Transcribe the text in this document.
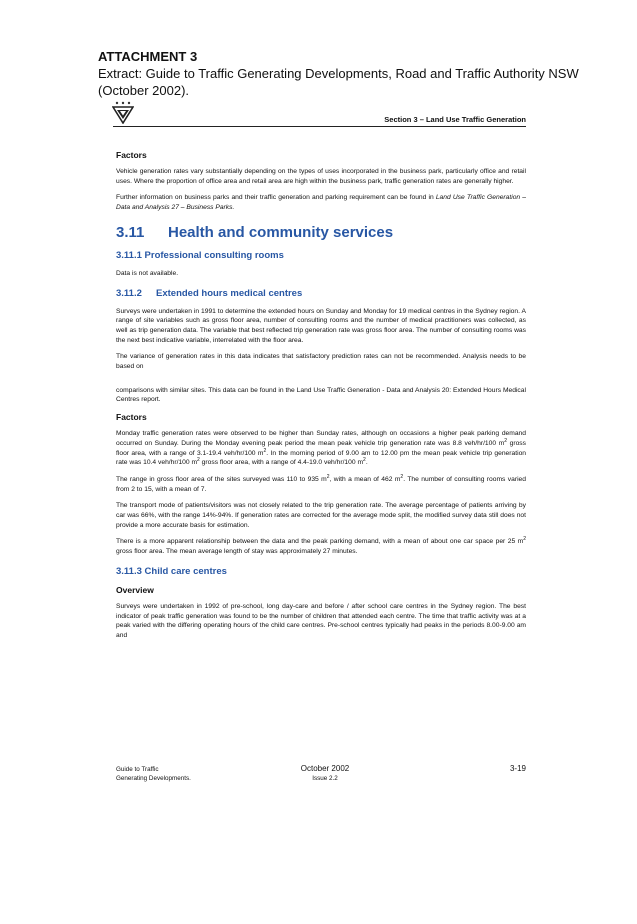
ATTACHMENT 3
Extract: Guide to Traffic Generating Developments, Road and Traffic Authority NSW (October 2002).
Section 3 – Land Use Traffic Generation
Factors

Vehicle generation rates vary substantially depending on the types of uses incorporated in the business park, particularly office and retail uses. Where the proportion of office area and retail area are high within the business park, traffic generation rates are generally higher.

Further information on business parks and their traffic generation and parking requirement can be found in Land Use Traffic Generation – Data and Analysis 27 – Business Parks.

3.11 Health and community services
3.11.1 Professional consulting rooms

Data is not available.

3.11.2 Extended hours medical centres

Surveys were undertaken in 1991 to determine the extended hours on Sunday and Monday for 19 medical centres in the Sydney region. A range of site variables such as gross floor area, number of consulting rooms and the number of medical practitioners was collected, as well as trip generation data. The variable that best reflected trip generation rate was gross floor area. The number of consulting rooms was the next best indicative variable, interrelated with the floor area.

The variance of generation rates in this data indicates that satisfactory prediction rates can not be recommended. Analysis needs to be based on

comparisons with similar sites. This data can be found in the Land Use Traffic Generation - Data and Analysis 20: Extended Hours Medical Centres report.

Factors

Monday traffic generation rates were observed to be higher than Sunday rates, although on occasions a higher peak parking demand occurred on Sunday. During the Monday evening peak period the mean peak vehicle trip generation rate was 8.8 veh/hr/100 $m^2$ gross floor area, with a range of 3.1-19.4 veh/hr/100 $m^2$. In the morning period of 9.00 am to 12.00 pm the mean peak vehicle trip generation rate was 10.4 veh/hr/100 $m^2$ gross floor area, with a range of 4.4-19.0 veh/hr/100 $m^2$.

The range in gross floor area of the sites surveyed was 110 to 935 $m^2$, with a mean of 462 $m^2$. The number of consulting rooms varied from 2 to 15, with a mean of 7.

The transport mode of patients/visitors was not closely related to the trip generation rate. The average percentage of patients arriving by car was 66%, with the range 14%-94%. If generation rates are corrected for the average mode split, the modified survey data still does not provide a more accurate basis for estimation.

There is a more apparent relationship between the data and the peak parking demand, with a mean of about one car space per 25 $m^2$ gross floor area. The mean average length of stay was approximately 27 minutes.

3.11.3 Child care centres
Overview

Surveys were undertaken in 1992 of pre-school, long day-care and before / after school care centres in the Sydney region. The best indicator of peak traffic generation was found to be the number of children that attended each centre. The time that traffic activity was at a peak varied with the differing operating hours of the child care centres. Pre-school centres typically had peaks in the periods 8.00-9.00 am and

Guide to Traffic
Generating Developments.
October 2002
Issue 2.2
3-19
